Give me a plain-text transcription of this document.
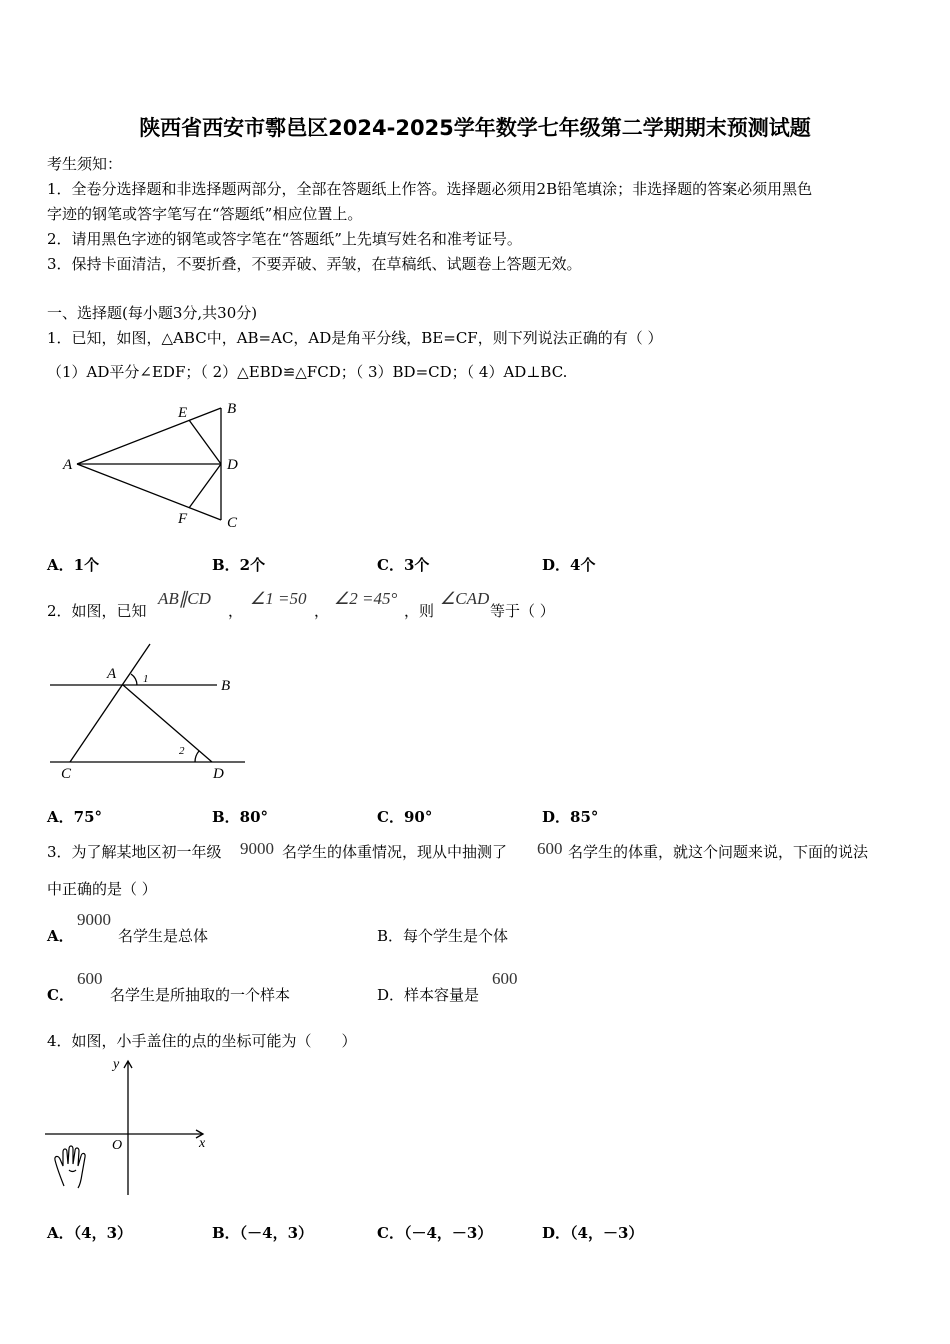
陕西省西安市鄠邑区2024-2025学年数学七年级第二学期期末预测试题
考生须知：
1．全卷分选择题和非选择题两部分，全部在答题纸上作答。选择题必须用2B铅笔填涂；非选择题的答案必须用黑色
字迹的钢笔或答字笔写在“答题纸”相应位置上。
2．请用黑色字迹的钢笔或答字笔在“答题纸”上先填写姓名和准考证号。
3．保持卡面清洁，不要折叠，不要弄破、弄皱，在草稿纸、试题卷上答题无效。
一、选择题(每小题3分,共30分)
1．已知，如图，△ABC中，AB=AC，AD是角平分线，BE=CF，则下列说法正确的有（ ）
（1）AD平分∠EDF；（ 2）△EBD≌△FCD；（ 3）BD=CD；（ 4）AD⊥BC.
A
B
C
D
E
F
A．1个	B．2个	C．3个	D．4个
2．如图，已知
AB∥CD
，
∠1 =50
，
∠2 =45°
，则
∠CAD
等于（ ）
A
B
C	D
1
2
A．75°	B．80°	C．90°	D．85°
3．为了解某地区初一年级 9000 名学生的体重情况，现从中抽测了 600 名学生的体重，就这个问题来说，下面的说法
中正确的是（ ）
A．
9000
名学生是总体	B．每个学生是个体
C．
600
名学生是所抽取的一个样本	D．样本容量是
600
4．如图，小手盖住的点的坐标可能为（　　）
x
y
O
A．（4，3）	B．（－4，3）	C．（－4，－3）	D．（4，－3）
